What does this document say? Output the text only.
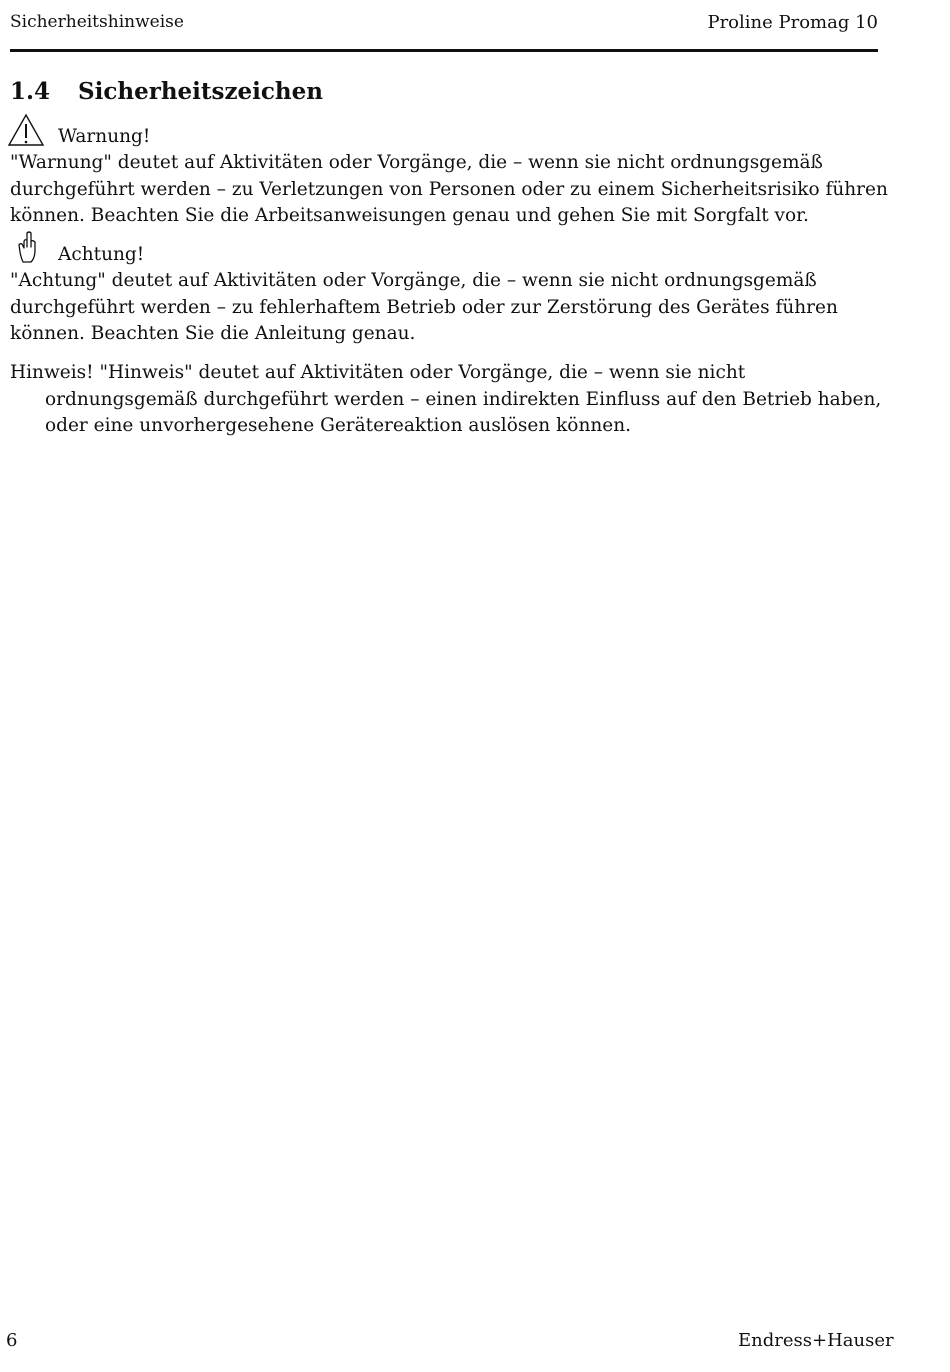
Sicherheitshinweise	Proline Promag 10
1.4 Sicherheitszeichen
Warnung!

"Warnung" deutet auf Aktivitäten oder Vorgänge, die – wenn sie nicht ordnungsgemäß durchgeführt werden – zu Verletzungen von Personen oder zu einem Sicherheitsrisiko führen können. Beachten Sie die Arbeitsanweisungen genau und gehen Sie mit Sorgfalt vor.

Achtung!

"Achtung" deutet auf Aktivitäten oder Vorgänge, die – wenn sie nicht ordnungsgemäß durchgeführt werden – zu fehlerhaftem Betrieb oder zur Zerstörung des Gerätes führen können. Beachten Sie die Anleitung genau.

Hinweis! "Hinweis" deutet auf Aktivitäten oder Vorgänge, die – wenn sie nicht ordnungsgemäß durchgeführt werden – einen indirekten Einfluss auf den Betrieb haben, oder eine unvorhergesehene Gerätereaktion auslösen können.

6	Endress+Hauser
